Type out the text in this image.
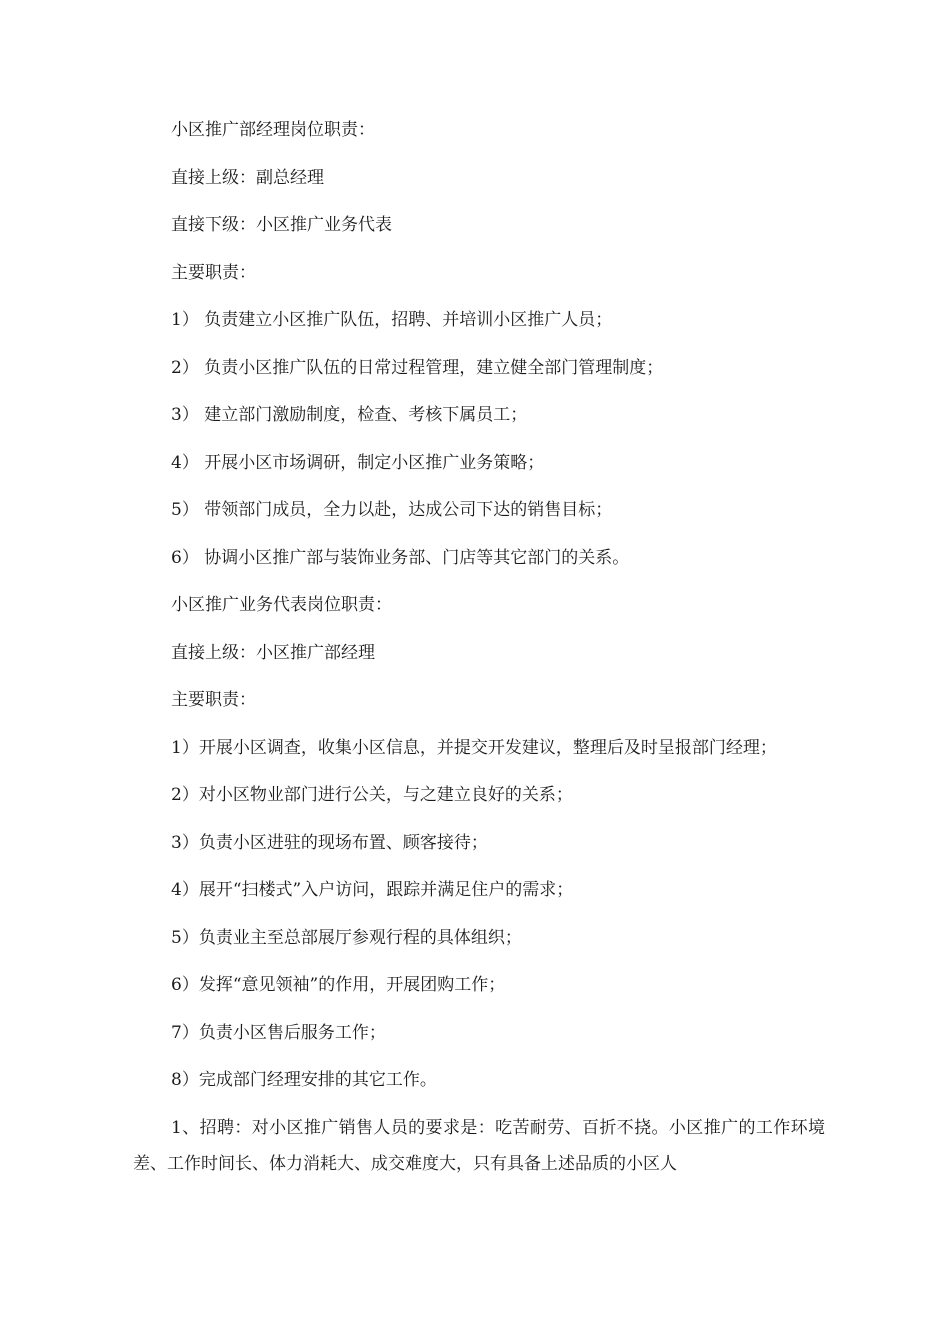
小区推广部经理岗位职责：

直接上级：副总经理

直接下级：小区推广业务代表

主要职责：

1） 负责建立小区推广队伍，招聘、并培训小区推广人员；

2） 负责小区推广队伍的日常过程管理，建立健全部门管理制度；

3） 建立部门激励制度，检查、考核下属员工；

4） 开展小区市场调研，制定小区推广业务策略；

5） 带领部门成员，全力以赴，达成公司下达的销售目标；

6） 协调小区推广部与装饰业务部、门店等其它部门的关系。

小区推广业务代表岗位职责：

直接上级：小区推广部经理

主要职责：

1）开展小区调查，收集小区信息，并提交开发建议，整理后及时呈报部门经理；

2）对小区物业部门进行公关，与之建立良好的关系；

3）负责小区进驻的现场布置、顾客接待；

4）展开“扫楼式”入户访问，跟踪并满足住户的需求；

5）负责业主至总部展厅参观行程的具体组织；

6）发挥“意见领袖”的作用，开展团购工作；

7）负责小区售后服务工作；

8）完成部门经理安排的其它工作。

1、招聘：对小区推广销售人员的要求是：吃苦耐劳、百折不挠。小区推广的工作环境差、工作时间长、体力消耗大、成交难度大，只有具备上述品质的小区人
